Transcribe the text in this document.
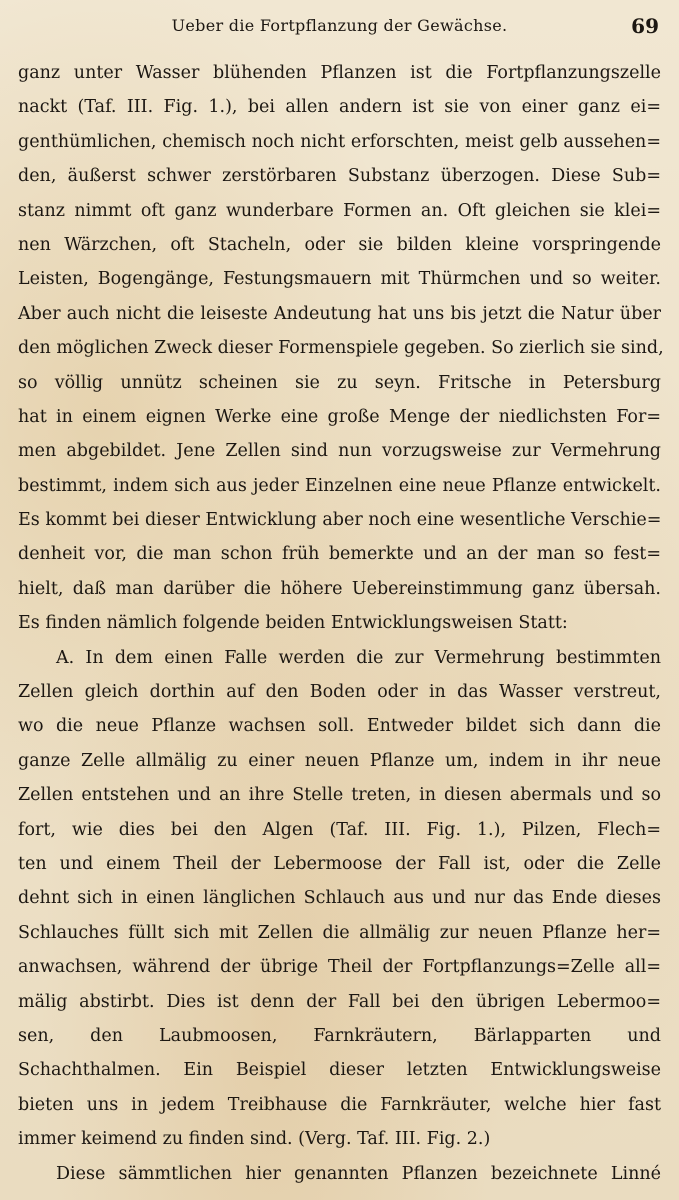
Ueber die Fortpflanzung der Gewächse.	69
ganz unter Wasser blühenden Pflanzen ist die Fortpflanzungszelle
nackt (Taf. III. Fig. 1.), bei allen andern ist sie von einer ganz ei=
genthümlichen, chemisch noch nicht erforschten, meist gelb aussehen=
den, äußerst schwer zerstörbaren Substanz überzogen. Diese Sub=
stanz nimmt oft ganz wunderbare Formen an. Oft gleichen sie klei=
nen Wärzchen, oft Stacheln, oder sie bilden kleine vorspringende
Leisten, Bogengänge, Festungsmauern mit Thürmchen und so weiter.
Aber auch nicht die leiseste Andeutung hat uns bis jetzt die Natur über
den möglichen Zweck dieser Formenspiele gegeben. So zierlich sie sind,
so völlig unnütz scheinen sie zu seyn. Fritsche in Petersburg
hat in einem eignen Werke eine große Menge der niedlichsten For=
men abgebildet. Jene Zellen sind nun vorzugsweise zur Vermehrung
bestimmt, indem sich aus jeder Einzelnen eine neue Pflanze entwickelt.
Es kommt bei dieser Entwicklung aber noch eine wesentliche Verschie=
denheit vor, die man schon früh bemerkte und an der man so fest=
hielt, daß man darüber die höhere Uebereinstimmung ganz übersah.
Es finden nämlich folgende beiden Entwicklungsweisen Statt:
A. In dem einen Falle werden die zur Vermehrung bestimmten
Zellen gleich dorthin auf den Boden oder in das Wasser verstreut,
wo die neue Pflanze wachsen soll. Entweder bildet sich dann die
ganze Zelle allmälig zu einer neuen Pflanze um, indem in ihr neue
Zellen entstehen und an ihre Stelle treten, in diesen abermals und so
fort, wie dies bei den Algen (Taf. III. Fig. 1.), Pilzen, Flech=
ten und einem Theil der Lebermoose der Fall ist, oder die Zelle
dehnt sich in einen länglichen Schlauch aus und nur das Ende dieses
Schlauches füllt sich mit Zellen die allmälig zur neuen Pflanze her=
anwachsen, während der übrige Theil der Fortpflanzungs=Zelle all=
mälig abstirbt. Dies ist denn der Fall bei den übrigen Lebermoo=
sen, den Laubmoosen, Farnkräutern, Bärlapparten und
Schachthalmen. Ein Beispiel dieser letzten Entwicklungsweise
bieten uns in jedem Treibhause die Farnkräuter, welche hier fast
immer keimend zu finden sind. (Verg. Taf. III. Fig. 2.)
Diese sämmtlichen hier genannten Pflanzen bezeichnete Linné
